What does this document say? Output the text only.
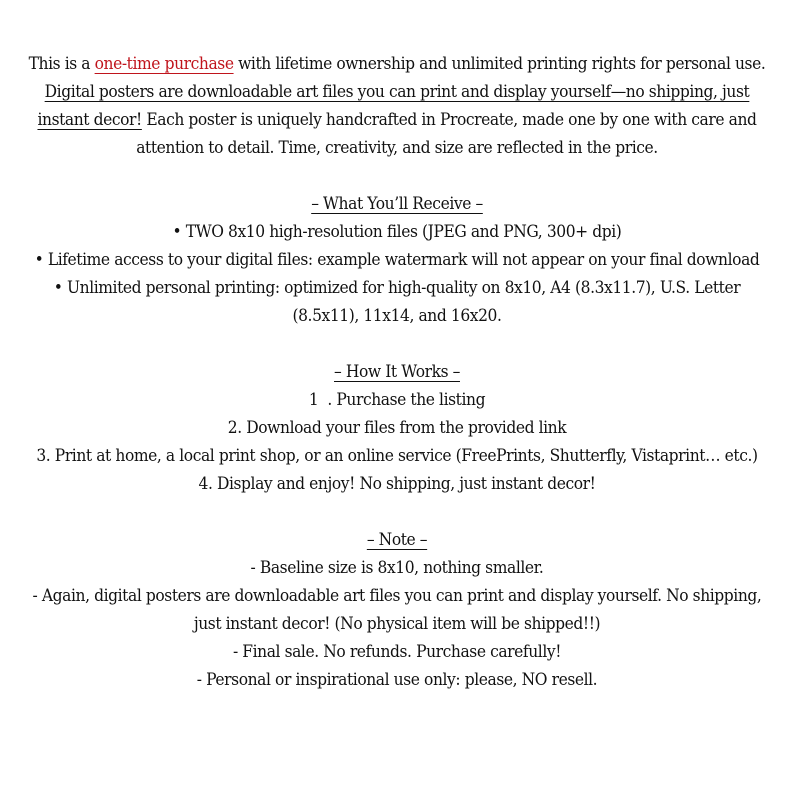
This is a one-time purchase with lifetime ownership and unlimited printing rights for personal use.
Digital posters are downloadable art files you can print and display yourself—no shipping, just
instant decor! Each poster is uniquely handcrafted in Procreate, made one by one with care and
attention to detail. Time, creativity, and size are reflected in the price.
– What You’ll Receive –
• TWO 8x10 high-resolution files (JPEG and PNG, 300+ dpi)
• Lifetime access to your digital files: example watermark will not appear on your final download
• Unlimited personal printing: optimized for high-quality on 8x10, A4 (8.3x11.7), U.S. Letter
(8.5x11), 11x14, and 16x20.
– How It Works –
1  . Purchase the listing
2. Download your files from the provided link
3. Print at home, a local print shop, or an online service (FreePrints, Shutterfly, Vistaprint… etc.)
4. Display and enjoy! No shipping, just instant decor!
– Note –
- Baseline size is 8x10, nothing smaller.
- Again, digital posters are downloadable art files you can print and display yourself. No shipping,
just instant decor! (No physical item will be shipped!!)
- Final sale. No refunds. Purchase carefully!
- Personal or inspirational use only: please, NO resell.
